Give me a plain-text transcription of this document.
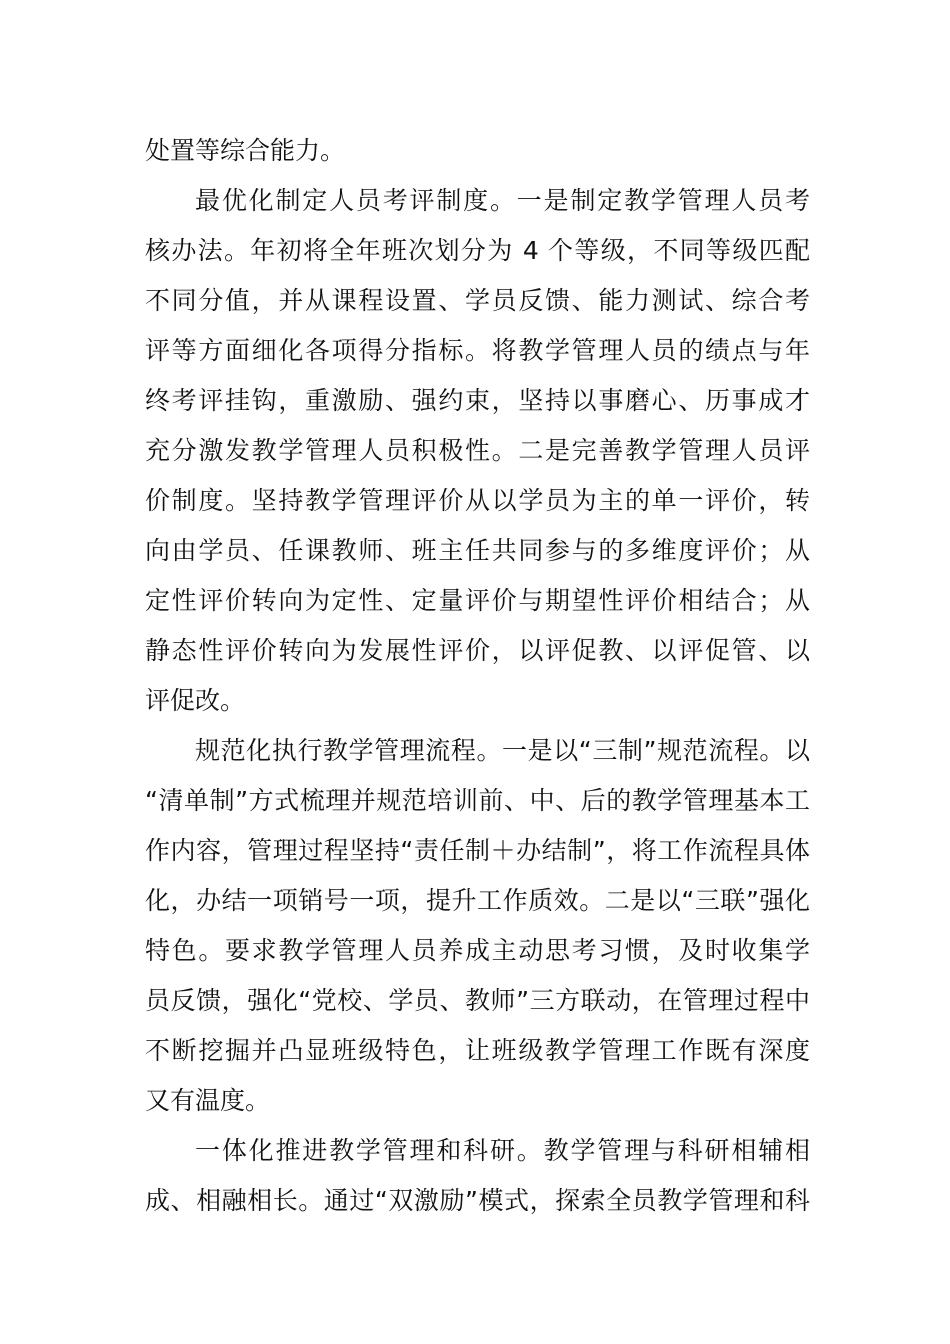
处置等综合能力。
最优化制定人员考评制度。一是制定教学管理人员考
核办法。年初将全年班次划分为 4 个等级，不同等级匹配
不同分值，并从课程设置、学员反馈、能力测试、综合考
评等方面细化各项得分指标。将教学管理人员的绩点与年
终考评挂钩，重激励、强约束，坚持以事磨心、历事成才
充分激发教学管理人员积极性。二是完善教学管理人员评
价制度。坚持教学管理评价从以学员为主的单一评价，转
向由学员、任课教师、班主任共同参与的多维度评价；从
定性评价转向为定性、定量评价与期望性评价相结合；从
静态性评价转向为发展性评价，以评促教、以评促管、以
评促改。
规范化执行教学管理流程。一是以“三制”规范流程。以
“清单制”方式梳理并规范培训前、中、后的教学管理基本工
作内容，管理过程坚持“责任制＋办结制”，将工作流程具体
化，办结一项销号一项，提升工作质效。二是以“三联”强化
特色。要求教学管理人员养成主动思考习惯，及时收集学
员反馈，强化“党校、学员、教师”三方联动，在管理过程中
不断挖掘并凸显班级特色，让班级教学管理工作既有深度
又有温度。
一体化推进教学管理和科研。教学管理与科研相辅相
成、相融相长。通过“双激励”模式，探索全员教学管理和科
